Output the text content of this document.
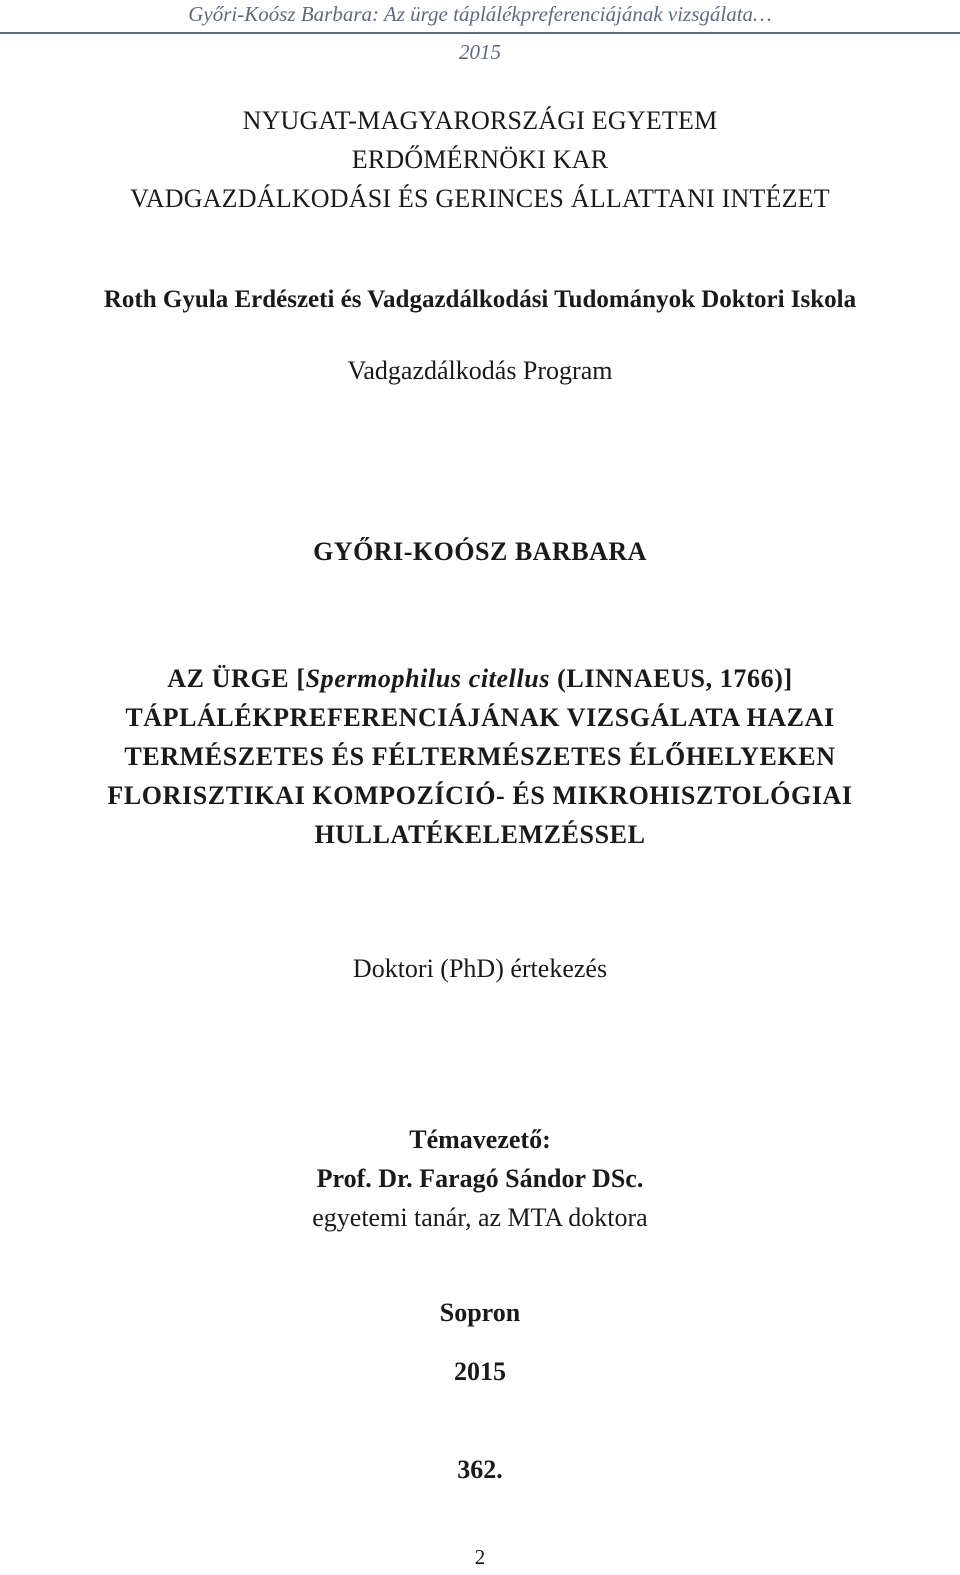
Győri-Koósz Barbara: Az ürge táplálékpreferenciájának vizsgálata…
2015
NYUGAT-MAGYARORSZÁGI EGYETEM
ERDŐMÉRNÖKI KAR
VADGAZDÁLKODÁSI ÉS GERINCES ÁLLATTANI INTÉZET
Roth Gyula Erdészeti és Vadgazdálkodási Tudományok Doktori Iskola
Vadgazdálkodás Program
GYŐRI-KOÓSZ BARBARA
AZ ÜRGE [Spermophilus citellus (LINNAEUS, 1766)]
TÁPLÁLÉKPREFERENCIÁJÁNAK VIZSGÁLATA HAZAI
TERMÉSZETES ÉS FÉLTERMÉSZETES ÉLŐHELYEKEN
FLORISZTIKAI KOMPOZÍCIÓ- ÉS MIKROHISZTOLÓGIAI
HULLATÉKELEMZÉSSEL
Doktori (PhD) értekezés
Témavezető:
Prof. Dr. Faragó Sándor DSc.
egyetemi tanár, az MTA doktora
Sopron
2015
362.
2
